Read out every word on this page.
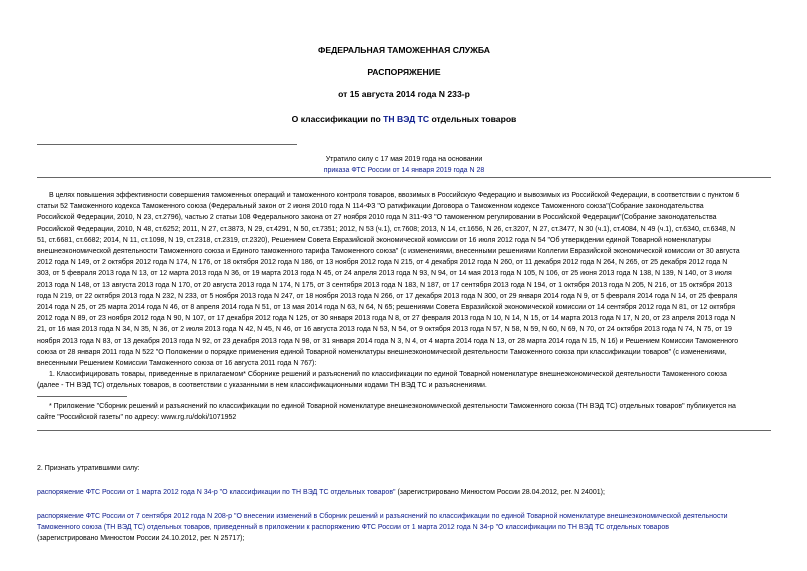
ФЕДЕРАЛЬНАЯ ТАМОЖЕННАЯ СЛУЖБА
РАСПОРЯЖЕНИЕ
от 15 августа 2014 года N 233-р
О классификации по ТН ВЭД ТС отдельных товаров
Утратило силу с 17 мая 2019 года на основании
приказа ФТС России от 14 января 2019 года N 28
В целях повышения эффективности совершения таможенных операций и таможенного контроля товаров, ввозимых в Российскую Федерацию и вывозимых из Российской Федерации, в соответствии с пунктом 6
статьи 52 Таможенного кодекса Таможенного союза (Федеральный закон от 2 июня 2010 года N 114-ФЗ "О ратификации Договора о Таможенном кодексе Таможенного союза"(Собрание законодательства
Российской Федерации, 2010, N 23, ст.2796), частью 2 статьи 108 Федерального закона от 27 ноября 2010 года N 311-ФЗ "О таможенном регулировании в Российской Федерации"(Собрание законодательства
Российской Федерации, 2010, N 48, ст.6252; 2011, N 27, ст.3873, N 29, ст.4291, N 50, ст.7351; 2012, N 53 (ч.1), ст.7608; 2013, N 14, ст.1656, N 26, ст.3207, N 27, ст.3477, N 30 (ч.1), ст.4084, N 49 (ч.1), ст.6340, ст.6348, N
51, ст.6681, ст.6682; 2014, N 11, ст.1098, N 19, ст.2318, ст.2319, ст.2320), Решением Совета Евразийской экономической комиссии от 16 июля 2012 года N 54 "Об утверждении единой Товарной номенклатуры
внешнеэкономической деятельности Таможенного союза и Единого таможенного тарифа Таможенного союза" (с изменениями, внесенными решениями Коллегии Евразийской экономической комиссии от 30 августа
2012 года N 149, от 2 октября 2012 года N 174, N 176, от 18 октября 2012 года N 186, от 13 ноября 2012 года N 215, от 4 декабря 2012 года N 260, от 11 декабря 2012 года N 264, N 265, от 25 декабря 2012 года N
303, от 5 февраля 2013 года N 13, от 12 марта 2013 года N 36, от 19 марта 2013 года N 45, от 24 апреля 2013 года N 93, N 94, от 14 мая 2013 года N 105, N 106, от 25 июня 2013 года N 138, N 139, N 140, от 3 июля
2013 года N 148, от 13 августа 2013 года N 170, от 20 августа 2013 года N 174, N 175, от 3 сентября 2013 года N 183, N 187, от 17 сентября 2013 года N 194, от 1 октября 2013 года N 205, N 216, от 15 октября 2013
года N 219, от 22 октября 2013 года N 232, N 233, от 5 ноября 2013 года N 247, от 18 ноября 2013 года N 266, от 17 декабря 2013 года N 300, от 29 января 2014 года N 9, от 5 февраля 2014 года N 14, от 25 февраля
2014 года N 25, от 25 марта 2014 года N 46, от 8 апреля 2014 года N 51, от 13 мая 2014 года N 63, N 64, N 65; решениями Совета Евразийской экономической комиссии от 14 сентября 2012 года N 81, от 12 октября
2012 года N 89, от 23 ноября 2012 года N 90, N 107, от 17 декабря 2012 года N 125, от 30 января 2013 года N 8, от 27 февраля 2013 года N 10, N 14, N 15, от 14 марта 2013 года N 17, N 20, от 23 апреля 2013 года N
21, от 16 мая 2013 года N 34, N 35, N 36, от 2 июля 2013 года N 42, N 45, N 46, от 16 августа 2013 года N 53, N 54, от 9 октября 2013 года N 57, N 58, N 59, N 60, N 69, N 70, от 24 октября 2013 года N 74, N 75, от 19
ноября 2013 года N 83, от 13 декабря 2013 года N 92, от 23 декабря 2013 года N 98, от 31 января 2014 года N 3, N 4, от 4 марта 2014 года N 13, от 28 марта 2014 года N 15, N 16) и Решением Комиссии Таможенного
союза от 28 января 2011 года N 522 "О Положении о порядке применения единой Товарной номенклатуры внешнеэкономической деятельности Таможенного союза при классификации товаров" (с изменениями,
внесенными Решением Комиссии Таможенного союза от 16 августа 2011 года N 767):
1. Классифицировать товары, приведенные в прилагаемом* Сборнике решений и разъяснений по классификации по единой Товарной номенклатуре внешнеэкономической деятельности Таможенного союза
(далее - ТН ВЭД ТС) отдельных товаров, в соответствии с указанными в нем классификационными кодами ТН ВЭД ТС и разъяснениями.
* Приложение "Сборник решений и разъяснений по классификации по единой Товарной номенклатуре внешнеэкономической деятельности Таможенного союза (ТН ВЭД ТС) отдельных товаров" публикуется на
сайте "Российской газеты" по адресу: www.rg.ru/doki/1071952
2. Признать утратившими силу:
распоряжение ФТС России от 1 марта 2012 года N 34-р "О классификации по ТН ВЭД ТС отдельных товаров" (зарегистрировано Минюстом России 28.04.2012, рег. N 24001);
распоряжение ФТС России от 7 сентября 2012 года N 208-р "О внесении изменений в Сборник решений и разъяснений по классификации по единой Товарной номенклатуре внешнеэкономической деятельности
Таможенного союза (ТН ВЭД ТС) отдельных товаров, приведенный в приложении к распоряжению ФТС России от 1 марта 2012 года N 34-р "О классификации по ТН ВЭД ТС отдельных товаров
(зарегистрировано Минюстом России 24.10.2012, рег. N 25717);
